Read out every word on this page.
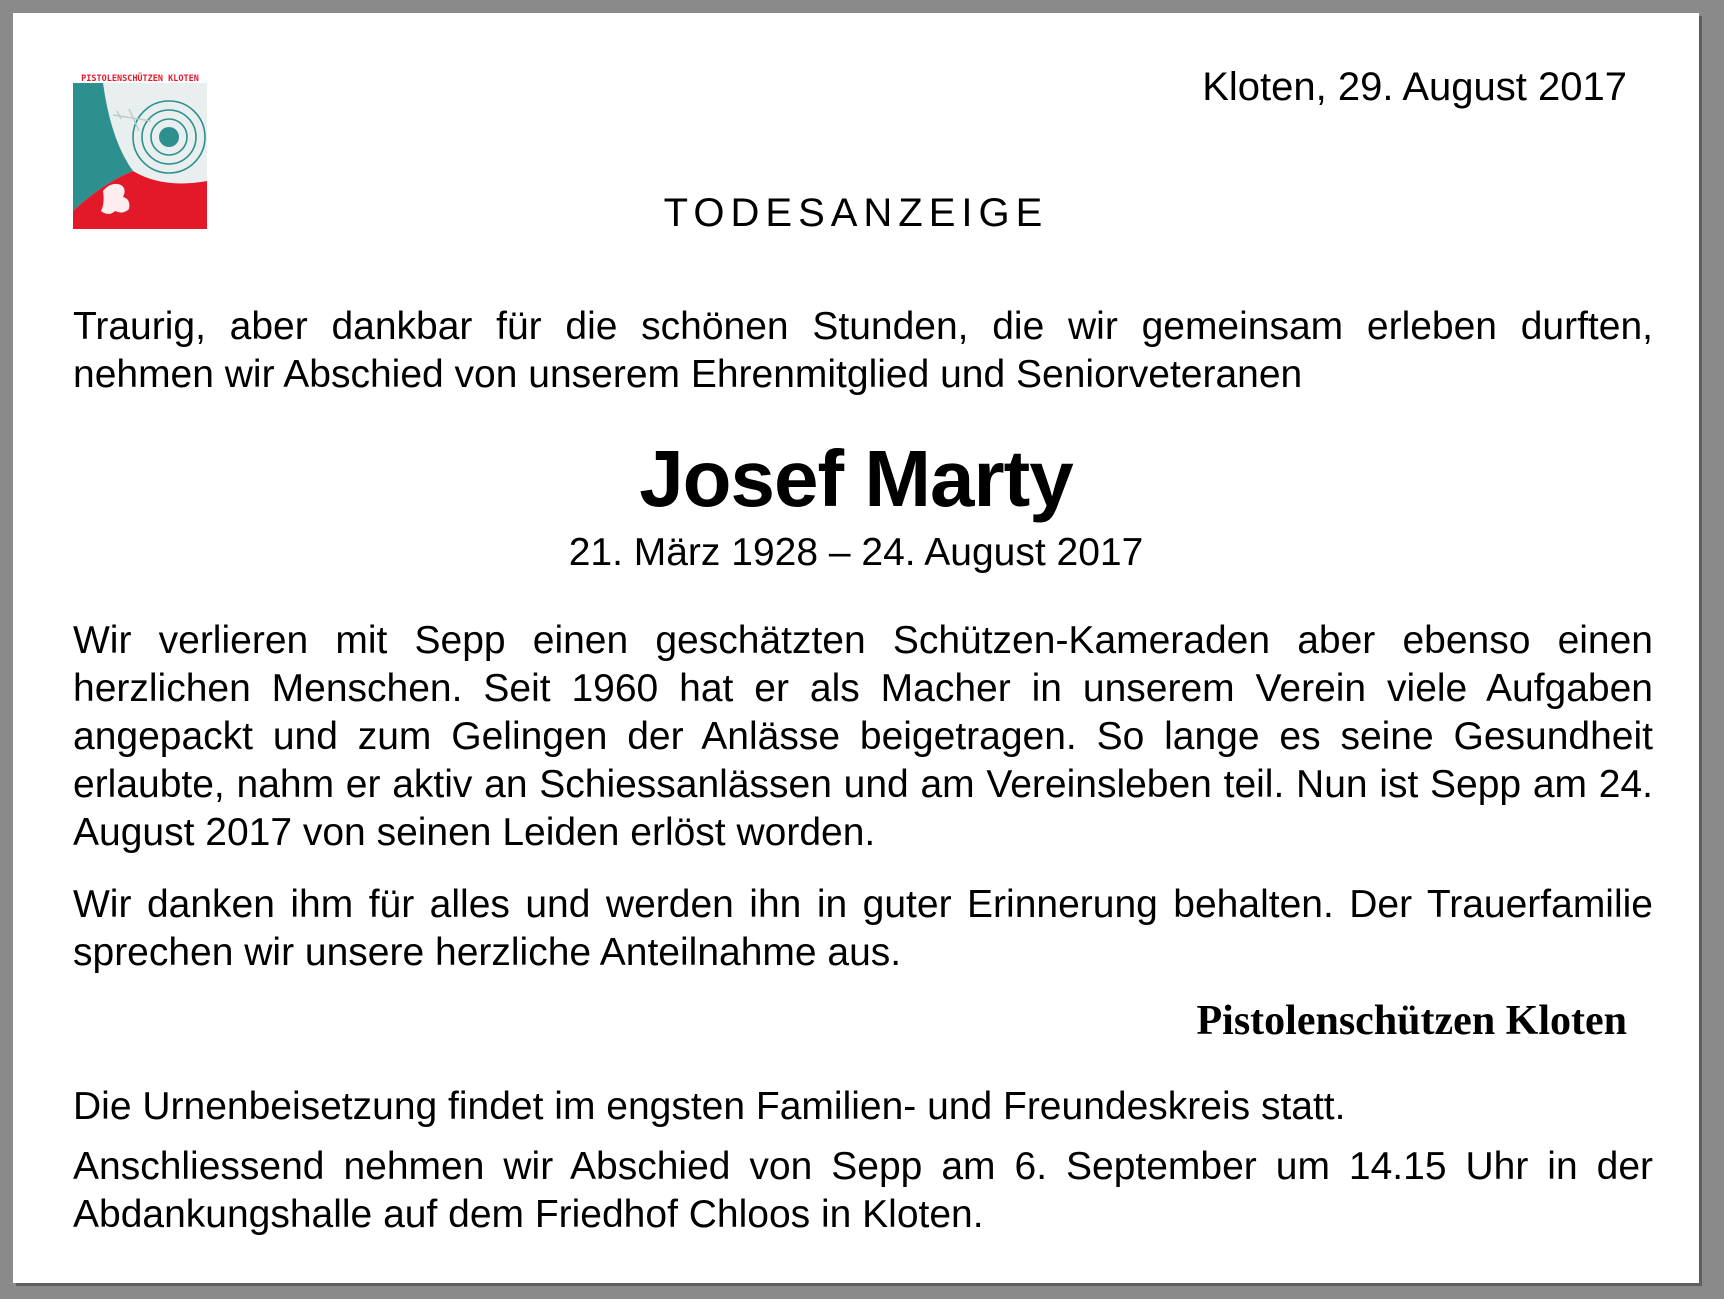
PISTOLENSCHÜTZEN KLOTEN	Kloten, 29. August 2017
TODESANZEIGE
Traurig, aber dankbar für die schönen Stunden, die wir gemeinsam erleben durften, nehmen wir Abschied von unserem Ehrenmitglied und Seniorveteranen
Josef Marty
21. März 1928 – 24. August 2017
Wir verlieren mit Sepp einen geschätzten Schützen-Kameraden aber ebenso einen herzlichen Menschen. Seit 1960 hat er als Macher in unserem Verein viele Aufgaben angepackt und zum Gelingen der Anlässe beigetragen. So lange es seine Gesundheit erlaubte, nahm er aktiv an Schiessanlässen und am Vereinsleben teil. Nun ist Sepp am 24. August 2017 von seinen Leiden erlöst worden.
Wir danken ihm für alles und werden ihn in guter Erinnerung behalten. Der Trauerfamilie sprechen wir unsere herzliche Anteilnahme aus.
Pistolenschützen Kloten
Die Urnenbeisetzung findet im engsten Familien- und Freundeskreis statt.
Anschliessend nehmen wir Abschied von Sepp am 6. September um 14.15 Uhr in der Abdankungshalle auf dem Friedhof Chloos in Kloten.
